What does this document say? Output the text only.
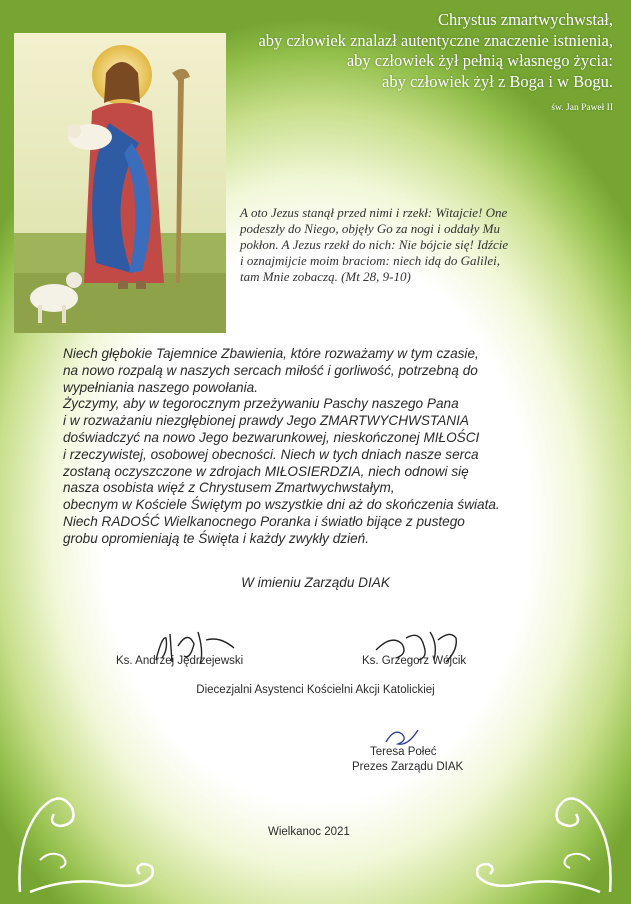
Chrystus zmartwychwstał,
aby człowiek znalazł autentyczne znaczenie istnienia,
aby człowiek żył pełnią własnego życia:
aby człowiek żył z Boga i w Bogu.
św. Jan Paweł II
A oto Jezus stanął przed nimi i rzekł: Witajcie! One
podeszły do Niego, objęły Go za nogi i oddały Mu
pokłon. A Jezus rzekł do nich: Nie bójcie się! Idźcie
i oznajmijcie moim braciom: niech idą do Galilei,
tam Mnie zobaczą. (Mt 28, 9-10)

Niech głębokie Tajemnice Zbawienia, które rozważamy w tym czasie,

na nowo rozpalą w naszych sercach miłość i gorliwość, potrzebną do

wypełniania naszego powołania.

Życzymy, aby w tegorocznym przeżywaniu Paschy naszego Pana

i w rozważaniu niezgłębionej prawdy Jego ZMARTWYCHWSTANIA

doświadczyć na nowo Jego bezwarunkowej, nieskończonej MIŁOŚCI

i rzeczywistej, osobowej obecności. Niech w tych dniach nasze serca

zostaną oczyszczone w zdrojach MIŁOSIERDZIA, niech odnowi się

nasza osobista więź z Chrystusem Zmartwychwstałym,

obecnym w Kościele Świętym po wszystkie dni aż do skończenia świata.

Niech RADOŚĆ Wielkanocnego Poranka i światło bijące z pustego

grobu opromieniają te Święta i każdy zwykły dzień.

W imieniu Zarządu DIAK
Ks. Andrzej Jędrzejewski	Ks. Grzegorz Wójcik
Diecezjalni Asystenci Kościelni Akcji Katolickiej
Teresa Połeć
Prezes Zarządu DIAK
Wielkanoc 2021
